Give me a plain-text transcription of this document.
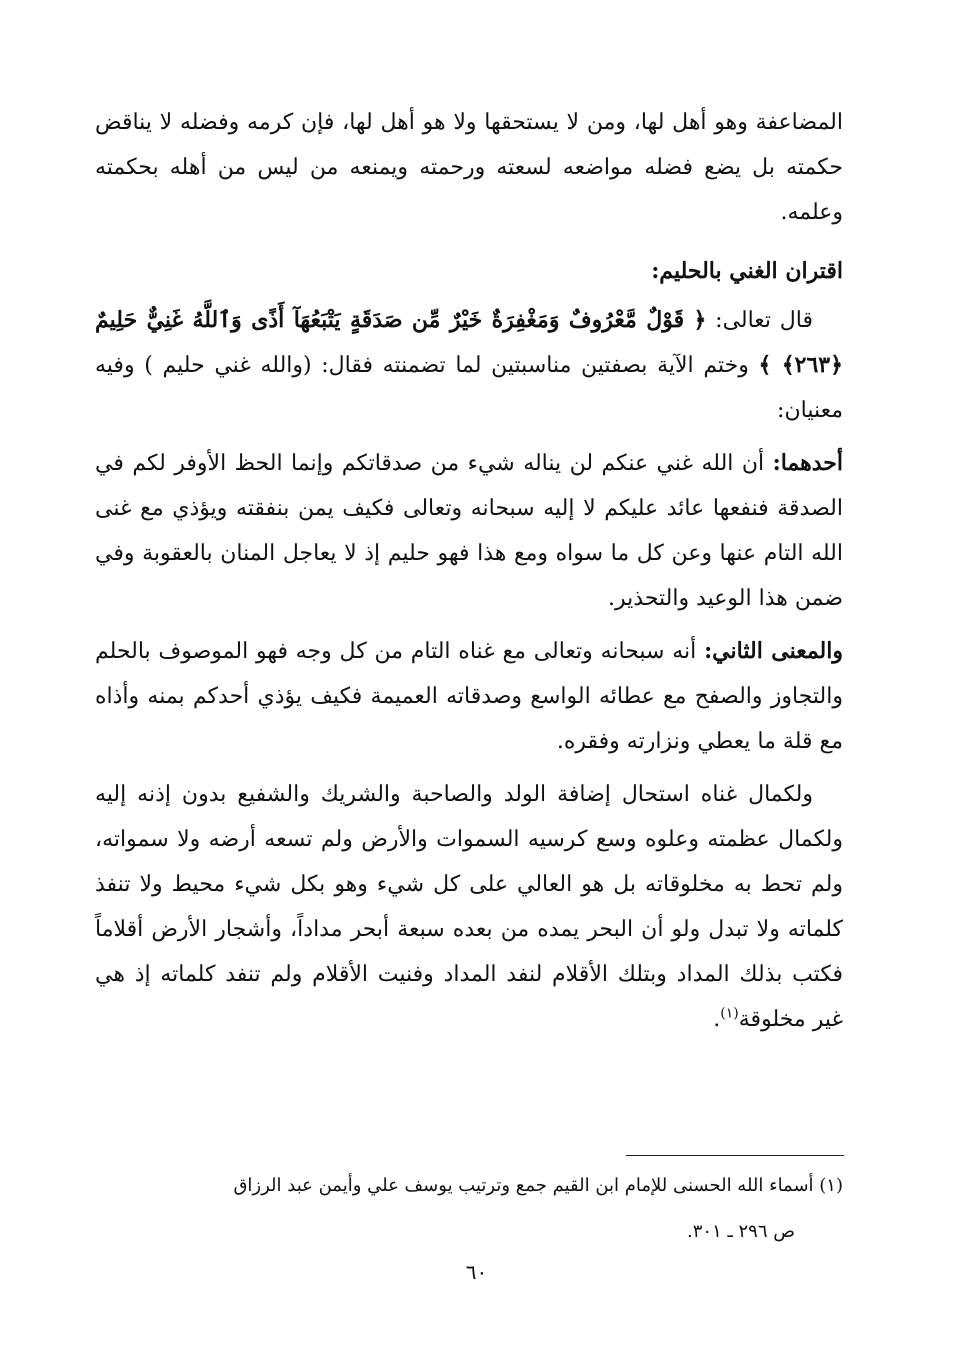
المضاعفة وهو أهل لها، ومن لا يستحقها ولا هو أهل لها، فإن كرمه وفضله لا يناقض حكمته بل يضع فضله مواضعه لسعته ورحمته ويمنعه من ليس من أهله بحكمته وعلمه.

اقتران الغني بالحليم:

قال تعالى: ﴿ قَوْلٌ مَّعْرُوفٌ وَمَغْفِرَةٌ خَيْرٌ مِّن صَدَقَةٍ يَتْبَعُهَآ أَذًى وَٱللَّهُ غَنِيٌّ حَلِيمٌ ﴿٢٦٣﴾ ﴾ وختم الآية بصفتين مناسبتين لما تضمنته فقال: (والله غني حليم ) وفيه معنيان:

أحدهما: أن الله غني عنكم لن يناله شيء من صدقاتكم وإنما الحظ الأوفر لكم في الصدقة فنفعها عائد عليكم لا إليه سبحانه وتعالى فكيف يمن بنفقته ويؤذي مع غنى الله التام عنها وعن كل ما سواه ومع هذا فهو حليم إذ لا يعاجل المنان بالعقوبة وفي ضمن هذا الوعيد والتحذير.

والمعنى الثاني: أنه سبحانه وتعالى مع غناه التام من كل وجه فهو الموصوف بالحلم والتجاوز والصفح مع عطائه الواسع وصدقاته العميمة فكيف يؤذي أحدكم بمنه وأذاه مع قلة ما يعطي ونزارته وفقره.

ولكمال غناه استحال إضافة الولد والصاحبة والشريك والشفيع بدون إذنه إليه ولكمال عظمته وعلوه وسع كرسيه السموات والأرض ولم تسعه أرضه ولا سمواته، ولم تحط به مخلوقاته بل هو العالي على كل شيء وهو بكل شيء محيط ولا تنفذ كلماته ولا تبدل ولو أن البحر يمده من بعده سبعة أبحر مداداً، وأشجار الأرض أقلاماً فكتب بذلك المداد وبتلك الأقلام لنفد المداد وفنيت الأقلام ولم تنفد كلماته إذ هي غير مخلوقة$^{(١)}$.

(١) أسماء الله الحسنى للإمام ابن القيم جمع وترتيب يوسف علي وأيمن عبد الرزاق
ص ٢٩٦ ـ ٣٠١.
٦٠
